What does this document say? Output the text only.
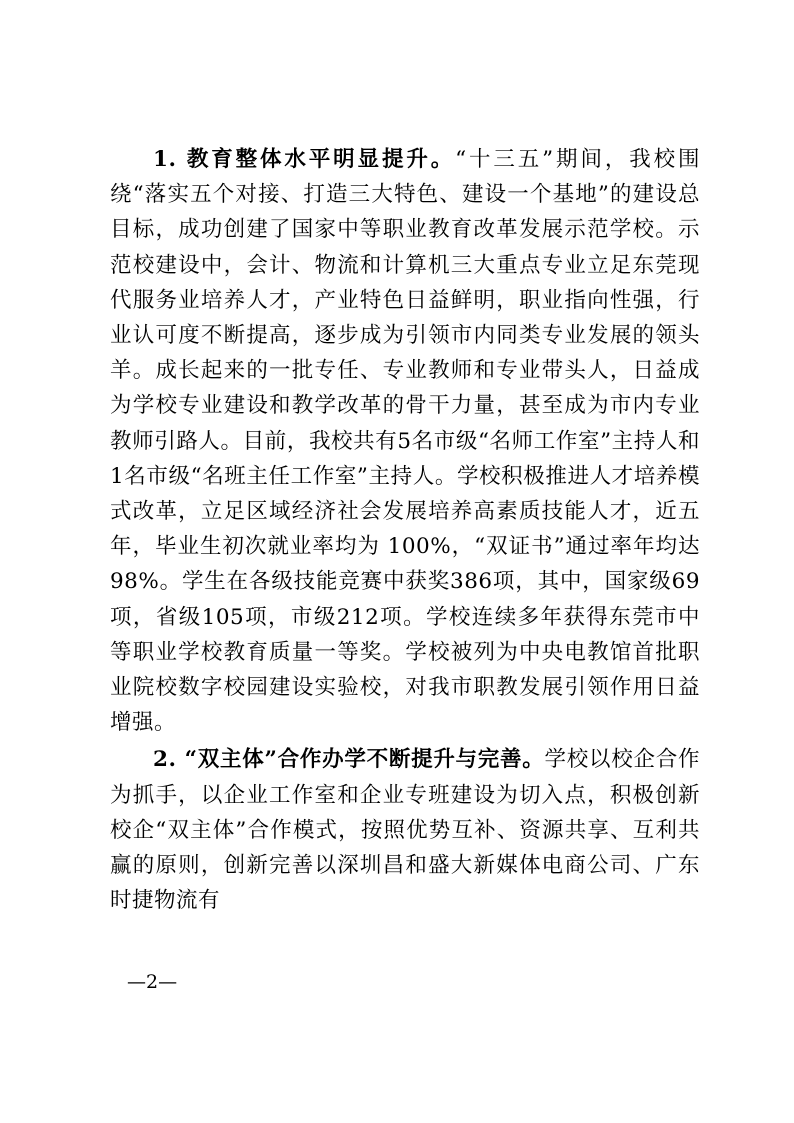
1. 教育整体水平明显提升。“十三五”期间，我校围绕“落实五个对接、打造三大特色、建设一个基地”的建设总目标，成功创建了国家中等职业教育改革发展示范学校。示范校建设中，会计、物流和计算机三大重点专业立足东莞现代服务业培养人才，产业特色日益鲜明，职业指向性强，行业认可度不断提高，逐步成为引领市内同类专业发展的领头羊。成长起来的一批专任、专业教师和专业带头人，日益成为学校专业建设和教学改革的骨干力量，甚至成为市内专业教师引路人。目前，我校共有5名市级“名师工作室”主持人和1名市级“名班主任工作室”主持人。学校积极推进人才培养模式改革，立足区域经济社会发展培养高素质技能人才，近五年，毕业生初次就业率均为 100%，“双证书”通过率年均达98%。学生在各级技能竞赛中获奖386项，其中，国家级69项，省级105项，市级212项。学校连续多年获得东莞市中等职业学校教育质量一等奖。学校被列为中央电教馆首批职业院校数字校园建设实验校，对我市职教发展引领作用日益增强。

2. “双主体”合作办学不断提升与完善。学校以校企合作为抓手，以企业工作室和企业专班建设为切入点，积极创新校企“双主体”合作模式，按照优势互补、资源共享、互利共赢的原则，创新完善以深圳昌和盛大新媒体电商公司、广东时捷物流有

—2—
